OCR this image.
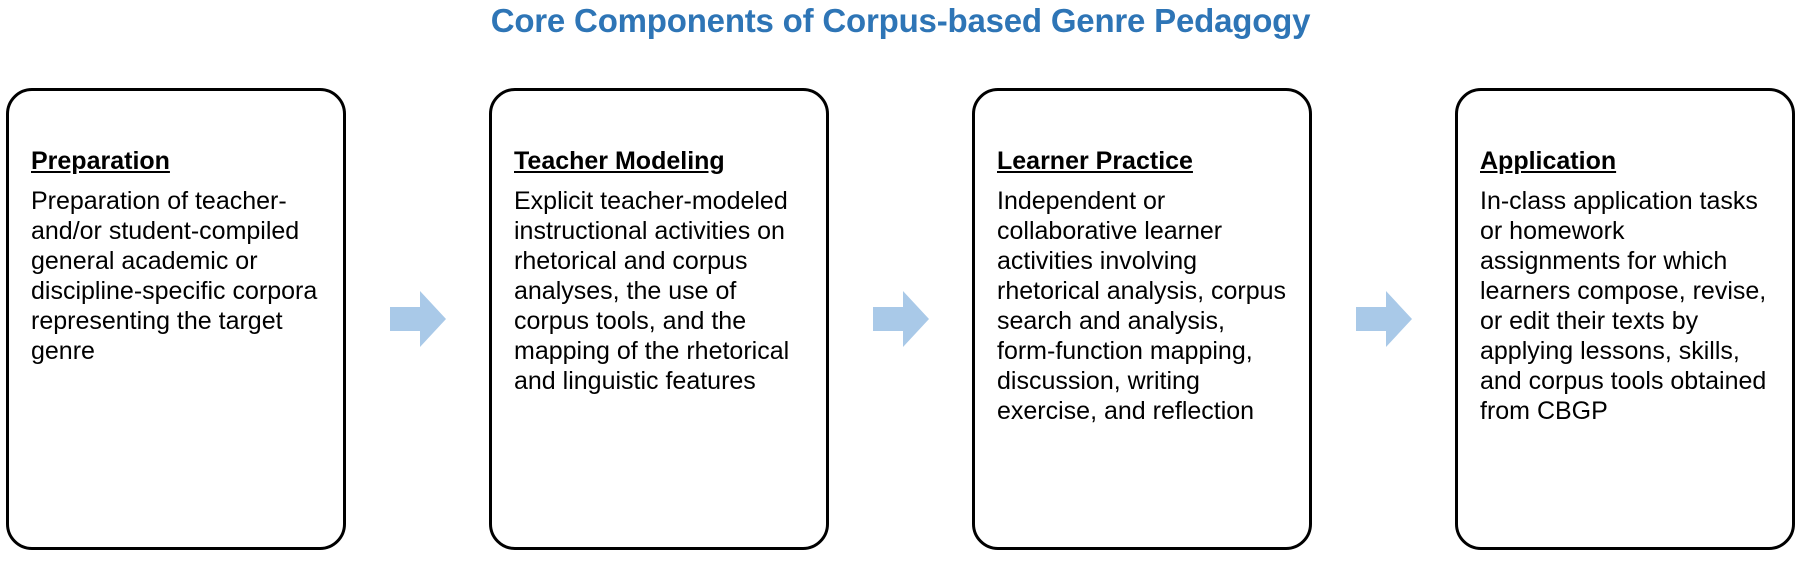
Core Components of Corpus-based Genre Pedagogy

Preparation

Preparation of teacher- and/or student-compiled general academic or discipline-specific corpora representing the target genre

Teacher Modeling

Explicit teacher-modeled instructional activities on rhetorical and corpus analyses, the use of corpus tools, and the mapping of the rhetorical and linguistic features

Learner Practice

Independent or collaborative learner activities involving rhetorical analysis, corpus search and analysis, form-function mapping, discussion, writing exercise, and reflection

Application

In-class application tasks or homework assignments for which learners compose, revise, or edit their texts by applying lessons, skills, and corpus tools obtained from CBGP
